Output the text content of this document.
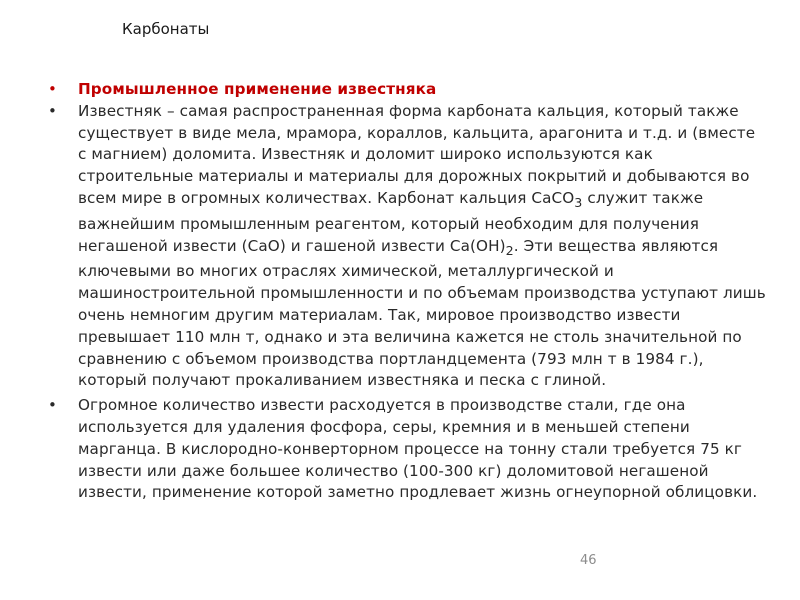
Карбонаты
• Промышленное применение известняка
• Известняк – самая распространенная форма карбоната кальция, который также существует в виде мела, мрамора, кораллов, кальцита, арагонита и т.д. и (вместе с магнием) доломита. Известняк и доломит широко используются как строительные материалы и материалы для дорожных покрытий и добываются во всем мире в огромных количествах. Карбонат кальция CaCO$_3$ служит также важнейшим промышленным реагентом, который необходим для получения негашеной извести (CaO) и гашеной извести $Ca(OH)_2$. Эти вещества являются ключевыми во многих отраслях химической, металлургической и машиностроительной промышленности и по объемам производства уступают лишь очень немногим другим материалам. Так, мировое производство извести превышает 110 млн т, однако и эта величина кажется не столь значительной по сравнению с объемом производства портландцемента (793 млн т в 1984 г.), который получают прокаливанием известняка и песка с глиной.
• Огромное количество извести расходуется в производстве стали, где она используется для удаления фосфора, серы, кремния и в меньшей степени марганца. В кислородно-конверторном процессе на тонну стали требуется 75 кг извести или даже большее количество (100-300 кг) доломитовой негашеной извести, применение которой заметно продлевает жизнь огнеупорной облицовки.
46
